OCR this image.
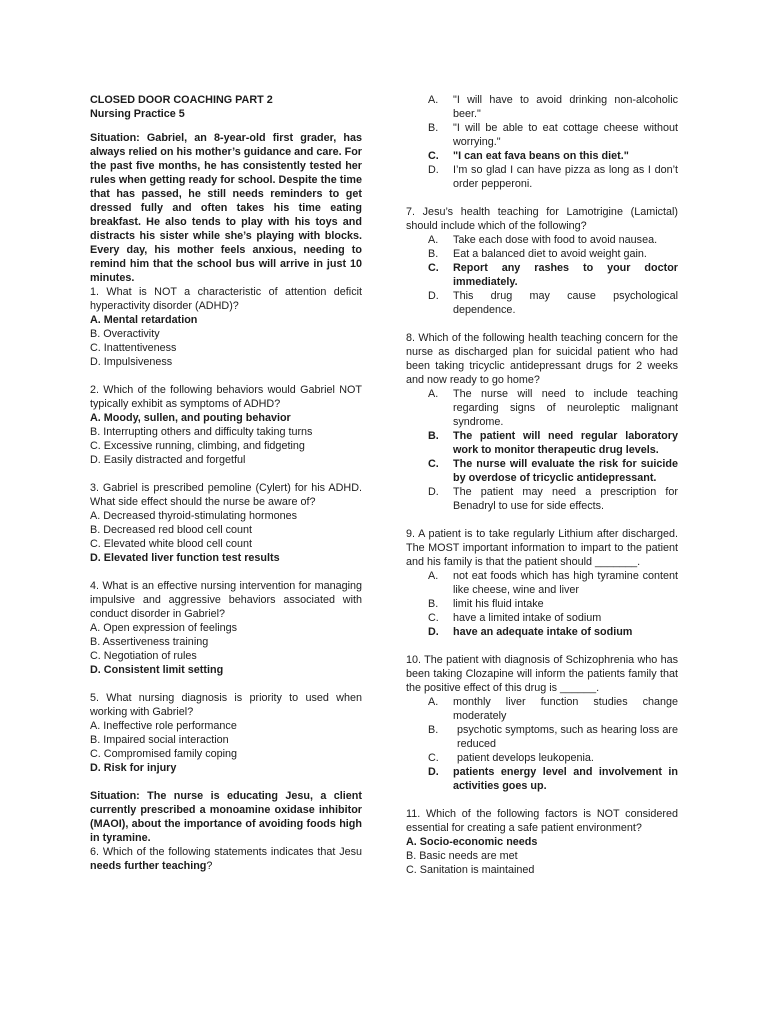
CLOSED DOOR COACHING PART 2

Nursing Practice 5

Situation: Gabriel, an 8-year-old first grader, has always relied on his mother’s guidance and care. For the past five months, he has consistently tested her rules when getting ready for school. Despite the time that has passed, he still needs reminders to get dressed fully and often takes his time eating breakfast. He also tends to play with his toys and distracts his sister while she’s playing with blocks. Every day, his mother feels anxious, needing to remind him that the school bus will arrive in just 10 minutes.

1. What is NOT a characteristic of attention deficit hyperactivity disorder (ADHD)?

A. Mental retardation
B. Overactivity
C. Inattentiveness
D. Impulsiveness

2. Which of the following behaviors would Gabriel NOT typically exhibit as symptoms of ADHD?

A. Moody, sullen, and pouting behavior
B. Interrupting others and difficulty taking turns
C. Excessive running, climbing, and fidgeting
D. Easily distracted and forgetful

3. Gabriel is prescribed pemoline (Cylert) for his ADHD. What side effect should the nurse be aware of?

A. Decreased thyroid-stimulating hormones
B. Decreased red blood cell count
C. Elevated white blood cell count
D. Elevated liver function test results

4. What is an effective nursing intervention for managing impulsive and aggressive behaviors associated with conduct disorder in Gabriel?

A. Open expression of feelings
B. Assertiveness training
C. Negotiation of rules
D. Consistent limit setting

5. What nursing diagnosis is priority to used when working with Gabriel?

A. Ineffective role performance
B. Impaired social interaction
C. Compromised family coping
D. Risk for injury

Situation: The nurse is educating Jesu, a client currently prescribed a monoamine oxidase inhibitor (MAOI), about the importance of avoiding foods high in tyramine.

6. Which of the following statements indicates that Jesu needs further teaching?

A.	"I will have to avoid drinking non-alcoholic beer."
B.	"I will be able to eat cottage cheese without worrying."
C.	"I can eat fava beans on this diet."
D.	I’m so glad I can have pizza as long as I don’t order pepperoni.

7. Jesu’s health teaching for Lamotrigine (Lamictal) should include which of the following?

A.	Take each dose with food to avoid nausea.
B.	Eat a balanced diet to avoid weight gain.
C.	Report any rashes to your doctor immediately.
D.	This drug may cause psychological dependence.

8. Which of the following health teaching concern for the nurse as discharged plan for suicidal patient who had been taking tricyclic antidepressant drugs for 2 weeks and now ready to go home?

A.	The nurse will need to include teaching regarding signs of neuroleptic malignant syndrome.
B.	The patient will need regular laboratory work to monitor therapeutic drug levels.
C.	The nurse will evaluate the risk for suicide by overdose of tricyclic antidepressant.
D.	The patient may need a prescription for Benadryl to use for side effects.

9. A patient is to take regularly Lithium after discharged. The MOST important information to impart to the patient and his family is that the patient should _______.

A.	not eat foods which has high tyramine content like cheese, wine and liver
B.	limit his fluid intake
C.	have a limited intake of sodium
D.	have an adequate intake of sodium

10. The patient with diagnosis of Schizophrenia who has been taking Clozapine will inform the patients family that the positive effect of this drug is ______.

A.	monthly liver function studies change moderately
B.	psychotic symptoms, such as hearing loss are reduced
C.	patient develops leukopenia.
D.	patients energy level and involvement in activities goes up.

11. Which of the following factors is NOT considered essential for creating a safe patient environment?

A. Socio-economic needs
B. Basic needs are met
C. Sanitation is maintained
